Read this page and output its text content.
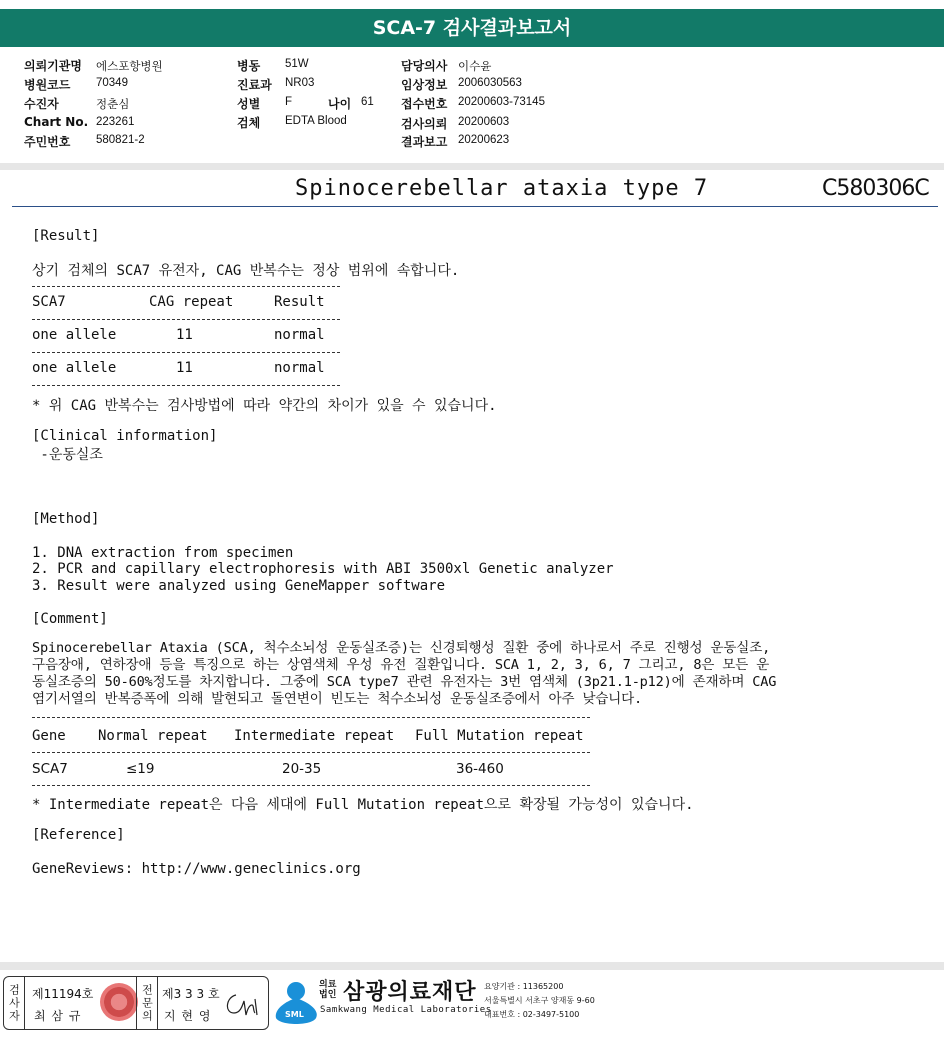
SCA-7 검사결과보고서
의뢰기관명 에스포항병원
병원코드 70349
수진자	정춘심
Chart No. 223261
주민번호 580821-2
병동 51W
진료과 NR03
성별 F	나이 61
검체 EDTA Blood
담당의사 이수윤
임상정보 2006030563
접수번호 20200603-73145
검사의뢰 20200603
결과보고 20200623
Spinocerebellar ataxia type 7	C580306C
[Result]
상기 검체의 SCA7 유전자, CAG 반복수는 정상 범위에 속합니다.
SCA7	CAG repeat	Result
one allele	11	normal
one allele	11	normal
* 위 CAG 반복수는 검사방법에 따라 약간의 차이가 있을 수 있습니다.
[Clinical information]
-운동실조
[Method]
1. DNA extraction from specimen
2. PCR and capillary electrophoresis with ABI 3500xl Genetic analyzer
3. Result were analyzed using GeneMapper software
[Comment]
Spinocerebellar Ataxia (SCA, 척수소뇌성 운동실조증)는 신경퇴행성 질환 중에 하나로서 주로 진행성 운동실조,
구음장애, 연하장애 등을 특징으로 하는 상염색체 우성 유전 질환입니다. SCA 1, 2, 3, 6, 7 그리고, 8은 모든 운
동실조증의 50-60%정도를 차지합니다. 그중에 SCA type7 관련 유전자는 3번 염색체 (3p21.1-p12)에 존재하며 CAG
염기서열의 반복증폭에 의해 발현되고 돌연변이 빈도는 척수소뇌성 운동실조증에서 아주 낮습니다.
Gene Normal repeat Intermediate repeat Full Mutation repeat
SCA7	≤19	20-35	36-460
* Intermediate repeat은 다음 세대에 Full Mutation repeat으로 확장될 가능성이 있습니다.
[Reference]
GeneReviews: http://www.geneclinics.org
검사자 제11194호
최 삼 규	전문의 제3 3 3 호
지 현 영	SML
의료
법인 삼광의료재단
Samkwang Medical Laboratories
요양기관 : 11365200
서울특별시 서초구 양재동 9-60
대표번호 : 02-3497-5100
